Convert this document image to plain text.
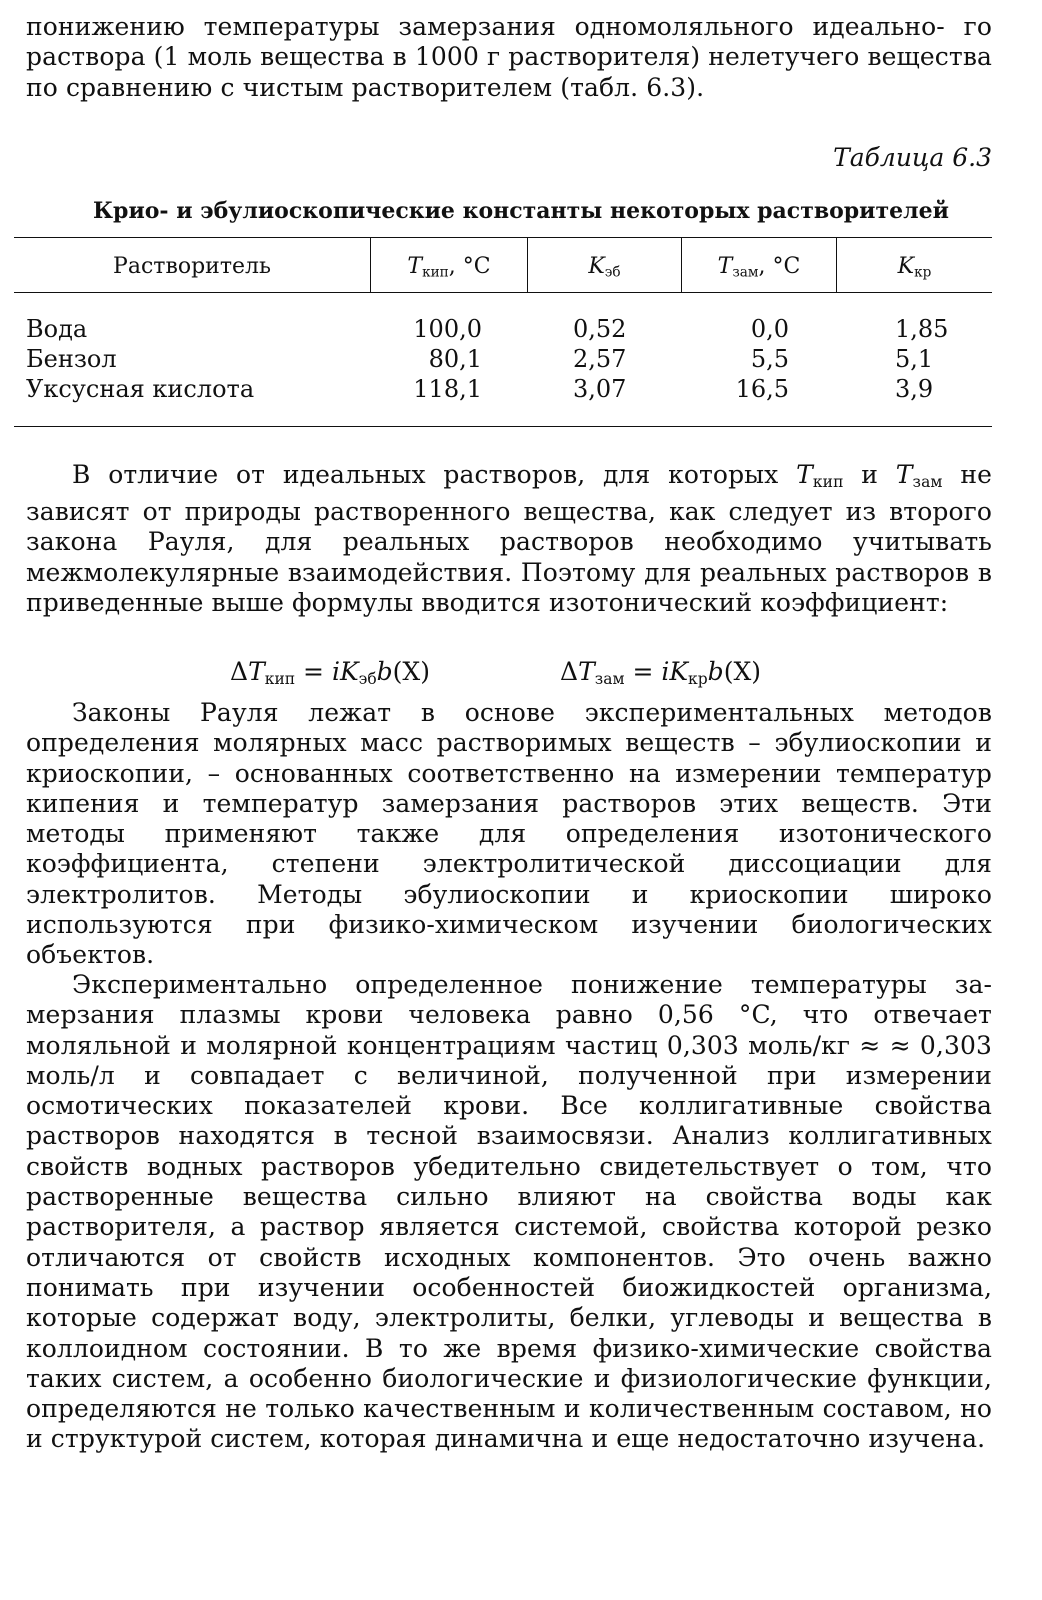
понижению температуры замерзания одномоляльного идеально- го раствора (1 моль вещества в 1000 г растворителя) нелетучего вещества по сравнению с чистым растворителем (табл. 6.3).
Таблица 6.3
Крио- и эбулиоскопические константы некоторых растворителей
Растворитель	$T_{кип}$, °C	$K_{эб}$	$T_{зам}$, °C	$K_{кр}$
Вода	100,0	0,52	0,0	1,85
Бензол	80,1	2,57	5,5	5,1
Уксусная кислота	118,1	3,07	16,5	3,9
В отличие от идеальных растворов, для которых $T_{кип}$ и $T_{зам}$ не зависят от природы растворенного вещества, как следует из второго закона Рауля, для реальных растворов необходимо учитывать межмолекулярные взаимодействия. Поэтому для реальных растворов в приведенные выше формулы вводится изотонический коэффициент:
$\Delta T_{кип} = iK_{эб}b(X)$	$\Delta T_{зам} = iK_{кр}b(X)$
Законы Рауля лежат в основе экспериментальных методов определения молярных масс растворимых веществ – эбулиоскопии и криоскопии, – основанных соответственно на измерении температур кипения и температур замерзания растворов этих веществ. Эти методы применяют также для определения изотонического коэффициента, степени электролитической диссоциации для электролитов. Методы эбулиоскопии и криоскопии широко используются при физико-химическом изучении биологических объектов.
Экспериментально определенное понижение температуры замерзания плазмы крови человека равно 0,56 °C, что отвечает моляльной и молярной концентрациям частиц 0,303 моль/кг ≈ ≈ 0,303 моль/л и совпадает с величиной, полученной при измерении осмотических показателей крови. Все коллигативные свойства растворов находятся в тесной взаимосвязи. Анализ коллигативных свойств водных растворов убедительно свидетельствует о том, что растворенные вещества сильно влияют на свойства воды как растворителя, а раствор является системой, свойства которой резко отличаются от свойств исходных компонентов. Это очень важно понимать при изучении особенностей биожидкостей организма, которые содержат воду, электролиты, белки, углеводы и вещества в коллоидном состоянии. В то же время физико-химические свойства таких систем, а особенно биологические и физиологические функции, определяются не только качественным и количественным составом, но и структурой систем, которая динамична и еще недостаточно изучена.
